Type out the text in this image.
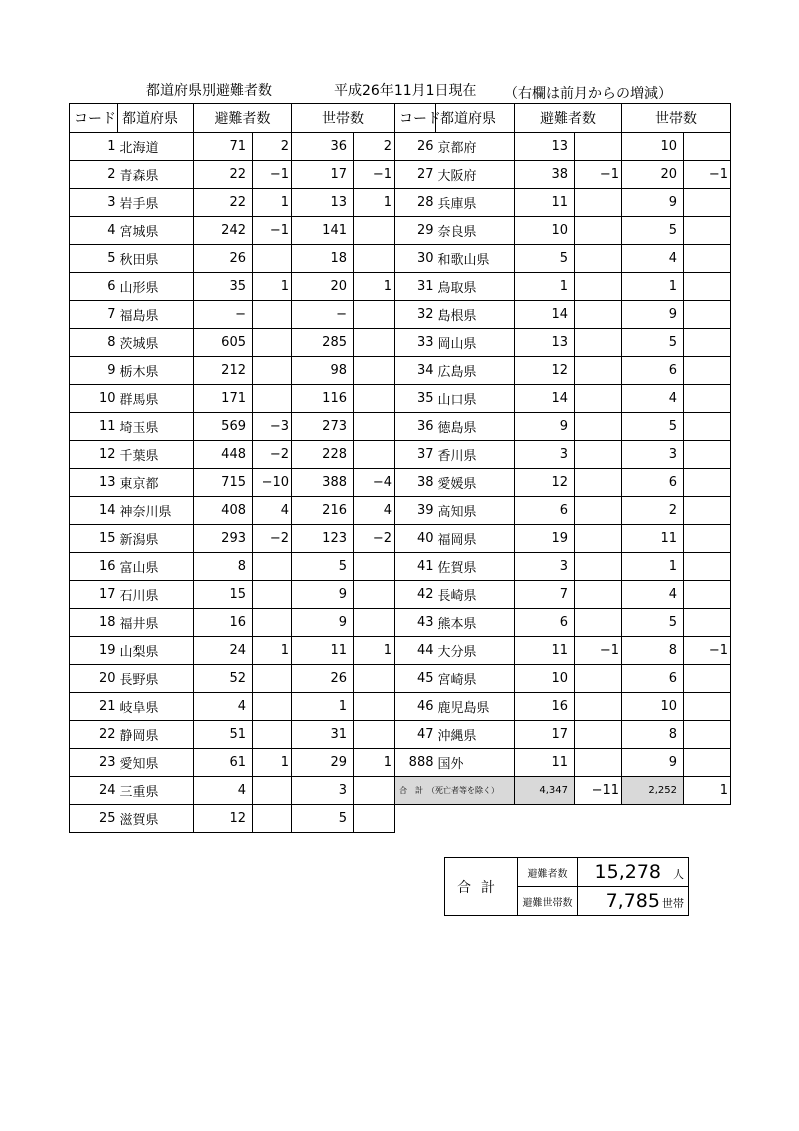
都道府県別避難者数	平成26年11月1日現在 （右欄は前月からの増減）
コード	都道府県	避難者数		世帯数		コード	都道府県	避難者数		世帯数	
1	北海道	71	2	36	2	26	京都府	13		10	
2	青森県	22	−1	17	−1	27	大阪府	38	−1	20	−1
3	岩手県	22	1	13	1	28	兵庫県	11		9	
4	宮城県	242	−1	141		29	奈良県	10		5	
5	秋田県	26		18		30	和歌山県	5		4	
6	山形県	35	1	20	1	31	鳥取県	1		1	
7	福島県	−		−		32	島根県	14		9	
8	茨城県	605		285		33	岡山県	13		5	
9	栃木県	212		98		34	広島県	12		6	
10	群馬県	171		116		35	山口県	14		4	
11	埼玉県	569	−3	273		36	徳島県	9		5	
12	千葉県	448	−2	228		37	香川県	3		3	
13	東京都	715	−10	388	−4	38	愛媛県	12		6	
14	神奈川県	408	4	216	4	39	高知県	6		2	
15	新潟県	293	−2	123	−2	40	福岡県	19		11	
16	富山県	8		5		41	佐賀県	3		1	
17	石川県	15		9		42	長崎県	7		4	
18	福井県	16		9		43	熊本県	6		5	
19	山梨県	24	1	11	1	44	大分県	11	−1	8	−1
20	長野県	52		26		45	宮崎県	10		6	
21	岐阜県	4		1		46	鹿児島県	16		10	
22	静岡県	51		31		47	沖縄県	17		8	
23	愛知県	61	1	29	1	888	国外	11		9	
24	三重県	4		3		合　計　（死亡者等を除く）		4,347	−11	2,252	1
25	滋賀県	12		5							
合計	避難者数	15,278 人
	避難世帯数	7,785 世帯
